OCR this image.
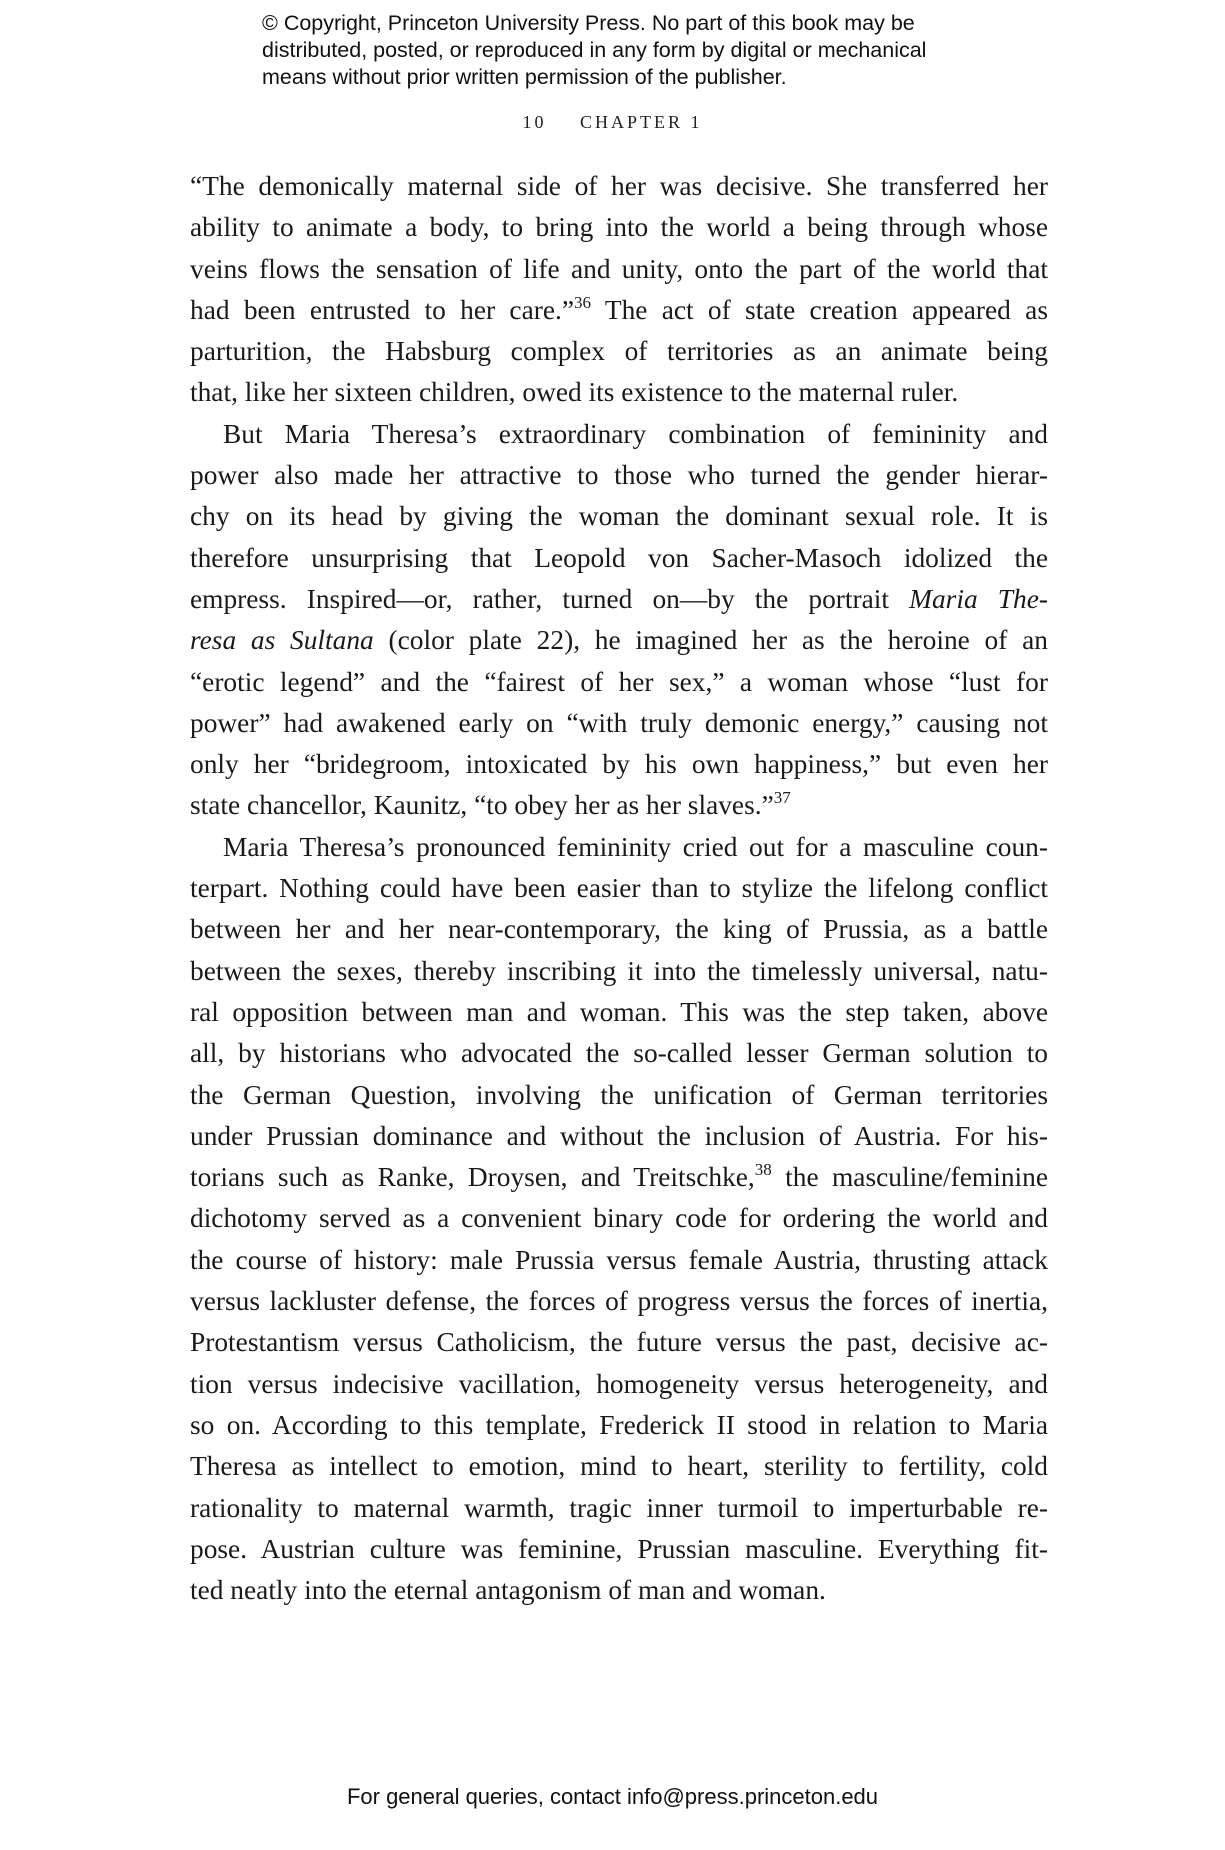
© Copyright, Princeton University Press. No part of this book may be
distributed, posted, or reproduced in any form by digital or mechanical
means without prior written permission of the publisher.
10 CHAPTER 1
“The demonically maternal side of her was decisive. She transferred her
ability to animate a body, to bring into the world a being through whose
veins flows the sensation of life and unity, onto the part of the world that
had been entrusted to her care.”$^{36}$ The act of state creation appeared as
parturition, the Habsburg complex of territories as an animate being
that, like her sixteen children, owed its existence to the maternal ruler.
But Maria Theresa’s extraordinary combination of femininity and
power also made her attractive to those who turned the gender hierar-
chy on its head by giving the woman the dominant sexual role. It is
therefore unsurprising that Leopold von Sacher-Masoch idolized the
empress. Inspired—or, rather, turned on—by the portrait Maria The-
resa as Sultana (color plate 22), he imagined her as the heroine of an
“erotic legend” and the “fairest of her sex,” a woman whose “lust for
power” had awakened early on “with truly demonic energy,” causing not
only her “bridegroom, intoxicated by his own happiness,” but even her
state chancellor, Kaunitz, “to obey her as her slaves.”$^{37}$
Maria Theresa’s pronounced femininity cried out for a masculine coun-
terpart. Nothing could have been easier than to stylize the lifelong conflict
between her and her near-contemporary, the king of Prussia, as a battle
between the sexes, thereby inscribing it into the timelessly universal, natu-
ral opposition between man and woman. This was the step taken, above
all, by historians who advocated the so-called lesser German solution to
the German Question, involving the unification of German territories
under Prussian dominance and without the inclusion of Austria. For his-
torians such as Ranke, Droysen, and Treitschke,$^{38}$ the masculine/feminine
dichotomy served as a convenient binary code for ordering the world and
the course of history: male Prussia versus female Austria, thrusting attack
versus lackluster defense, the forces of progress versus the forces of inertia,
Protestantism versus Catholicism, the future versus the past, decisive ac-
tion versus indecisive vacillation, homogeneity versus heterogeneity, and
so on. According to this template, Frederick II stood in relation to Maria
Theresa as intellect to emotion, mind to heart, sterility to fertility, cold
rationality to maternal warmth, tragic inner turmoil to imperturbable re-
pose. Austrian culture was feminine, Prussian masculine. Everything fit-
ted neatly into the eternal antagonism of man and woman.
For general queries, contact info@press.princeton.edu
